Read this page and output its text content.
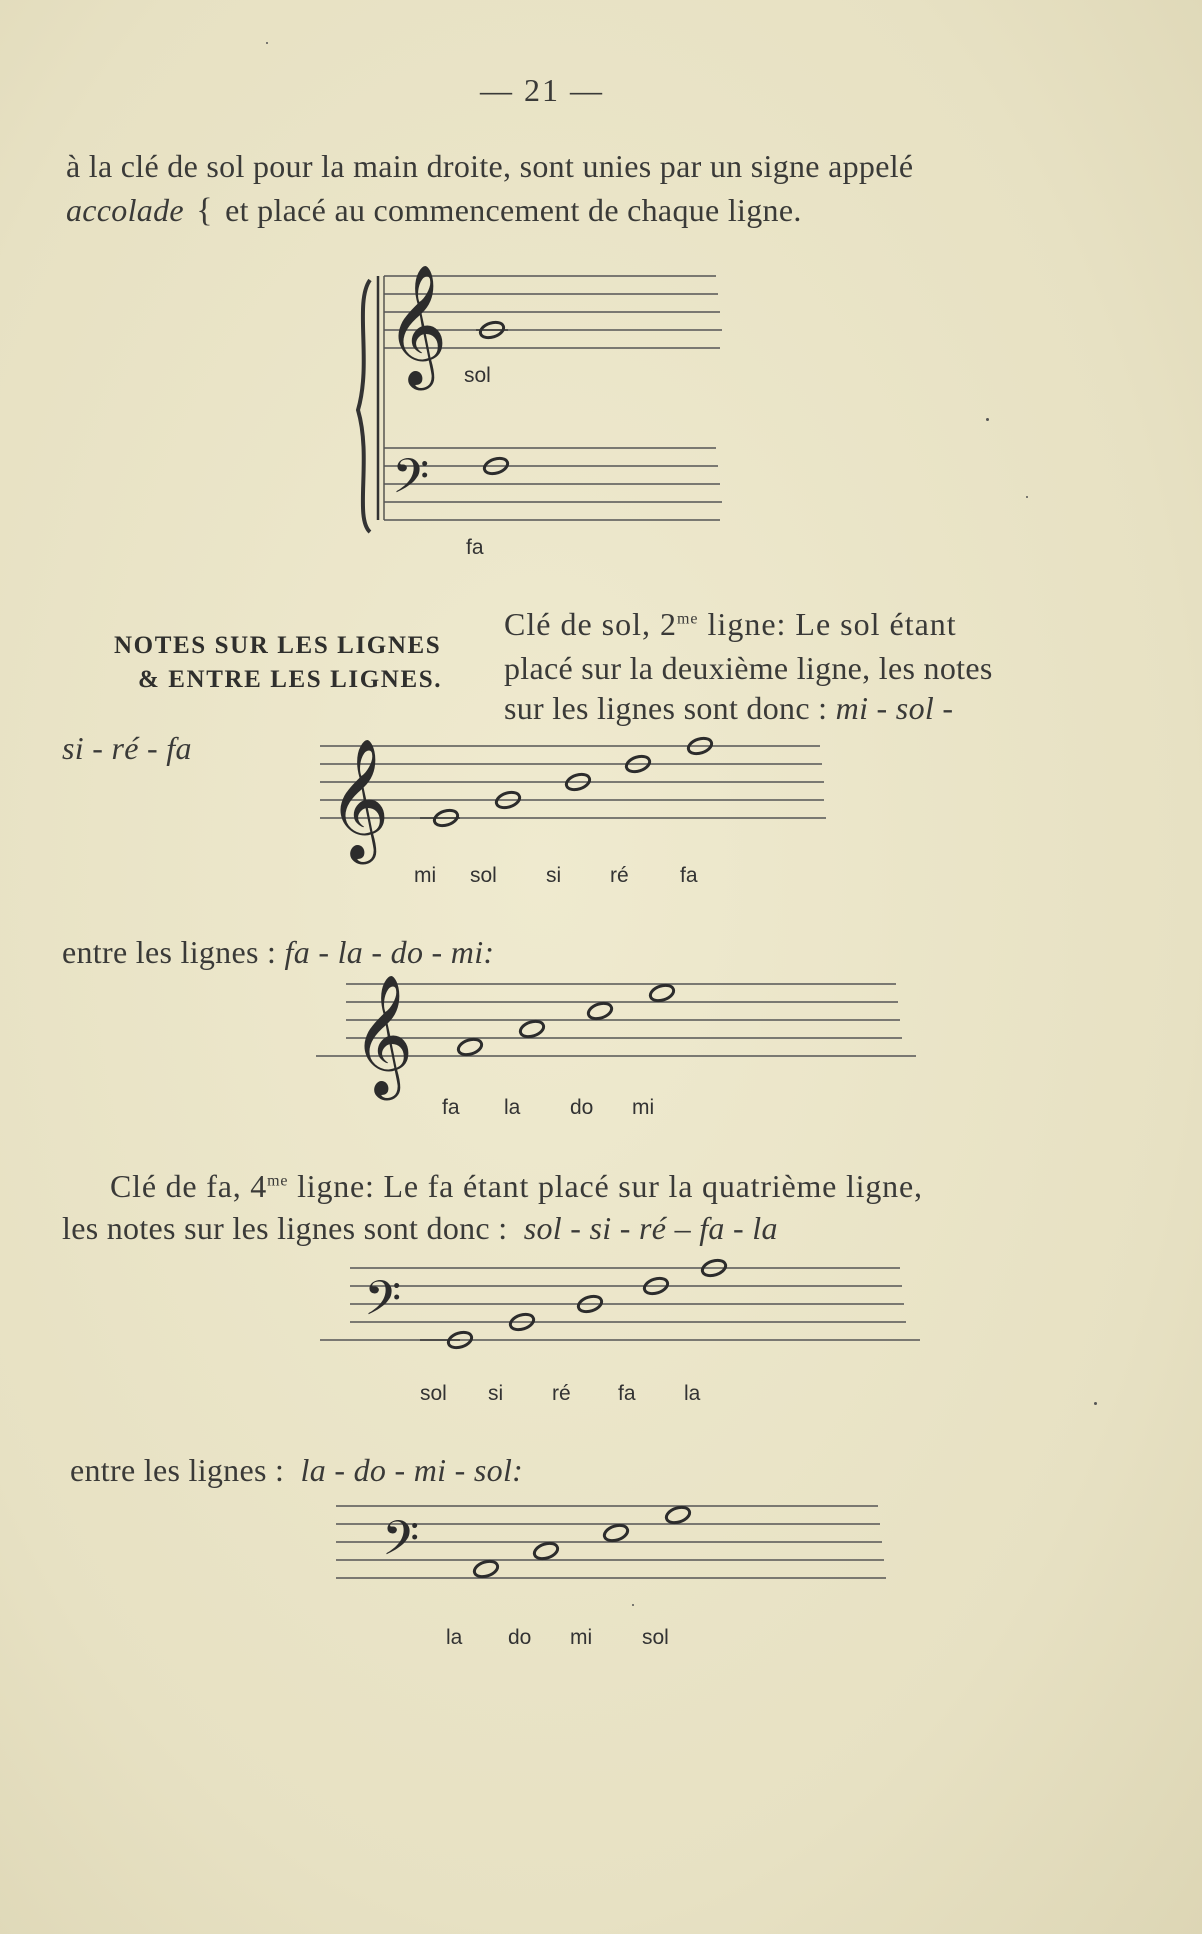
— 21 —
à la clé de sol pour la main droite, sont unies par un signe appelé
accolade { et placé au commencement de chaque ligne.
𝄞
𝄢
sol
fa
NOTES SUR LES LIGNES
& ENTRE LES LIGNES.
Clé de sol, $2^{me}$ ligne: Le sol étant
placé sur la deuxième ligne, les notes
sur les lignes sont donc : mi - sol -
si - ré - fa 𝄞
mi sol si ré fa
entre les lignes : fa - la - do - mi:
𝄞
fa la do mi
Clé de fa, $4^{me}$ ligne: Le fa étant placé sur la quatrième ligne,
les notes sur les lignes sont donc : sol - si - ré – fa - la
𝄢
sol si ré fa la
entre les lignes : la - do - mi - sol:
𝄢
la do mi sol
